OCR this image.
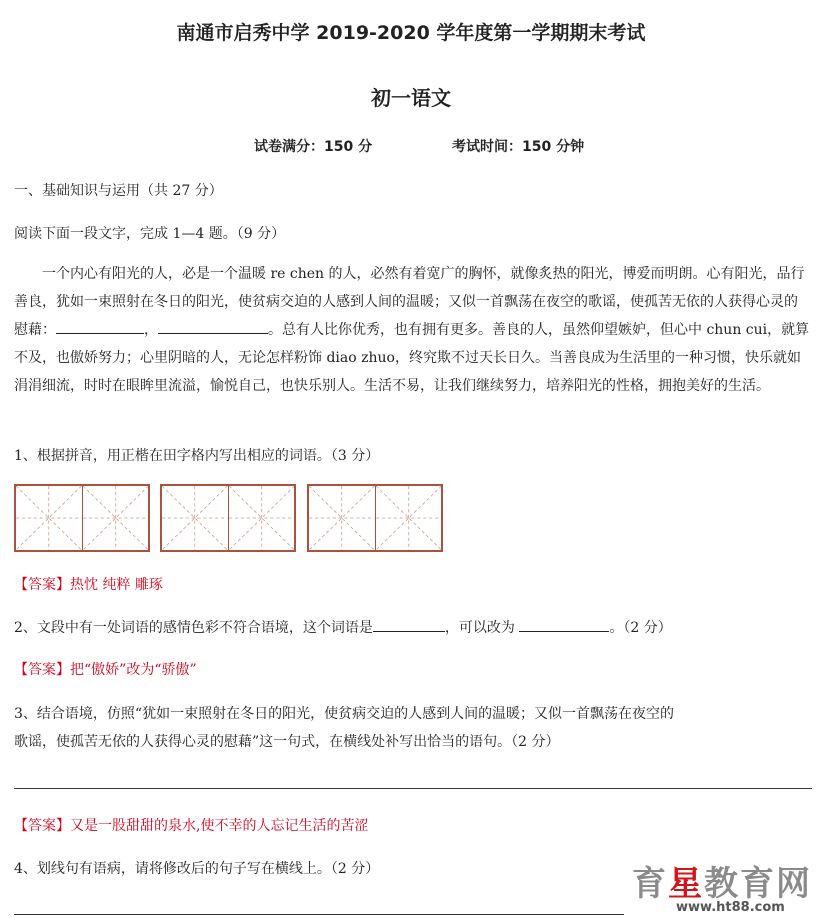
南通市启秀中学 2019-2020 学年度第一学期期末考试
初一语文
试卷满分：150 分	考试时间：150 分钟
一、基础知识与运用（共 27 分）
阅读下面一段文字，完成 1—4 题。（9 分）
一个内心有阳光的人，必是一个温暖 re chen 的人，必然有着宽广的胸怀，就像炙热的阳光，博爱而明朗。心有阳光，品行善良，犹如一束照射在冬日的阳光，使贫病交迫的人感到人间的温暖；又似一首飘荡在夜空的歌谣，使孤苦无依的人获得心灵的慰藉：	，	。总有人比你优秀，也有拥有更多。善良的人，虽然仰望嫉妒，但心中 chun cui，就算不及，也傲娇努力；心里阴暗的人，无论怎样粉饰 diao zhuo，终究欺不过天长日久。当善良成为生活里的一种习惯，快乐就如涓涓细流，时时在眼眸里流溢，愉悦自己，也快乐别人。生活不易，让我们继续努力，培养阳光的性格，拥抱美好的生活。
1、根据拼音，用正楷在田字格内写出相应的词语。（3 分）
【答案】热忱 纯粹 雕琢
2、文段中有一处词语的感情色彩不符合语境，这个词语是	，可以改为	。（2 分）
【答案】把“傲娇”改为“骄傲”
3、结合语境，仿照“犹如一束照射在冬日的阳光，使贫病交迫的人感到人间的温暖；又似一首飘荡在夜空的
歌谣，使孤苦无依的人获得心灵的慰藉”这一句式，在横线处补写出恰当的语句。（2 分）
【答案】又是一股甜甜的泉水,使不幸的人忘记生活的苦涩
4、划线句有语病，请将修改后的句子写在横线上。（2 分）	育星教育网
www.ht88.com
